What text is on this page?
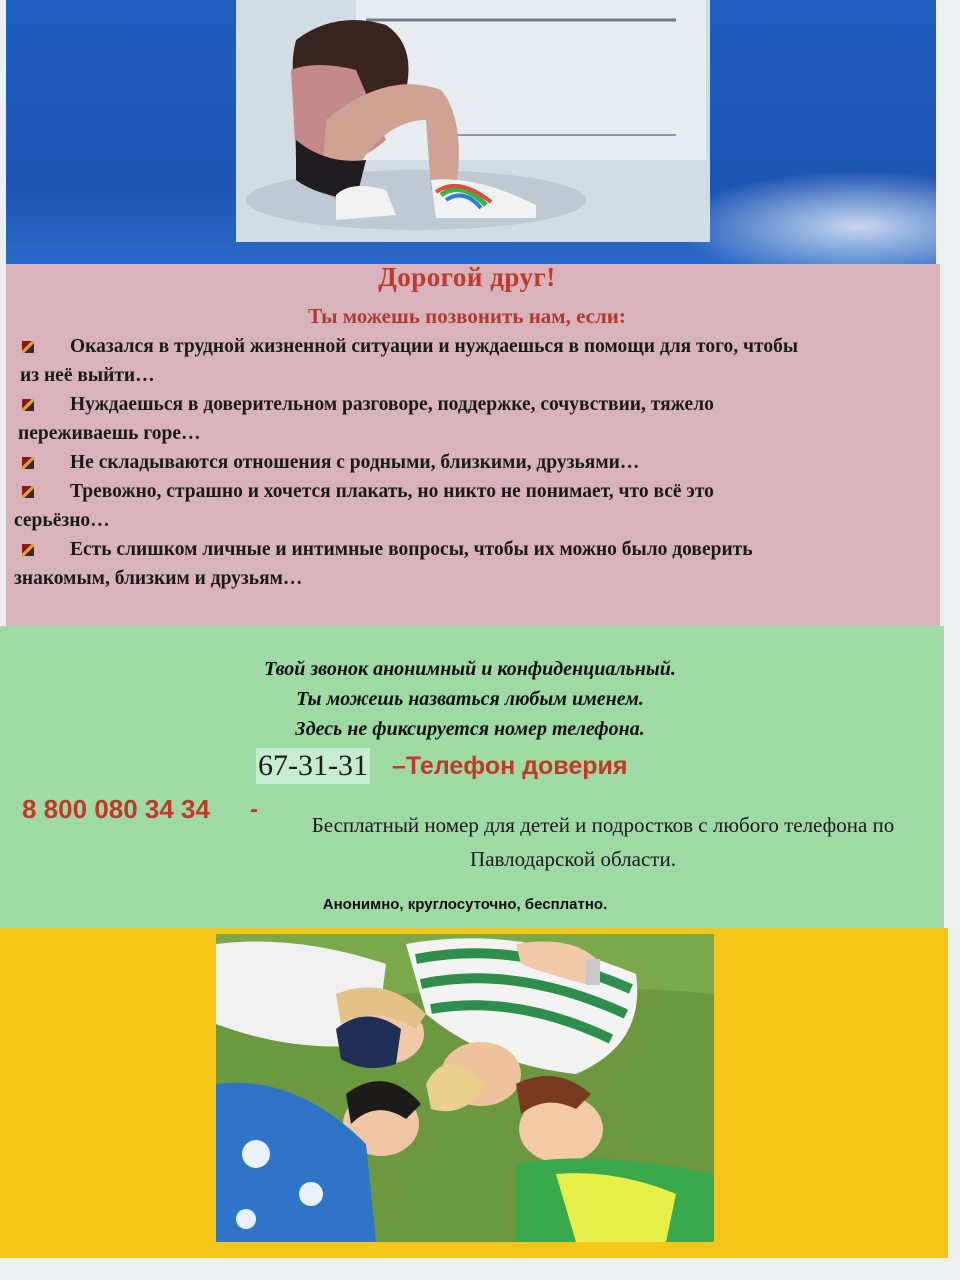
Дорогой друг!
Ты можешь позвонить нам, если:
Оказался в трудной жизненной ситуации и нуждаешься в помощи для того, чтобы
из неё выйти…
Нуждаешься в доверительном разговоре, поддержке, сочувствии, тяжело
переживаешь горе…
Не складываются отношения с родными, близкими, друзьями…
Тревожно, страшно и хочется плакать, но никто не понимает, что всё это
серьёзно…
Есть слишком личные и интимные вопросы, чтобы их можно было доверить
знакомым, близким и друзьям…
Твой звонок анонимный и конфиденциальный.
Ты можешь назваться любым именем.
Здесь не фиксируется номер телефона.
67-31-31 –Телефон доверия
8 800 080 34 34 -
Бесплатный номер для детей и подростков с любого телефона по
Павлодарской области.
Анонимно, круглосуточно, бесплатно.
